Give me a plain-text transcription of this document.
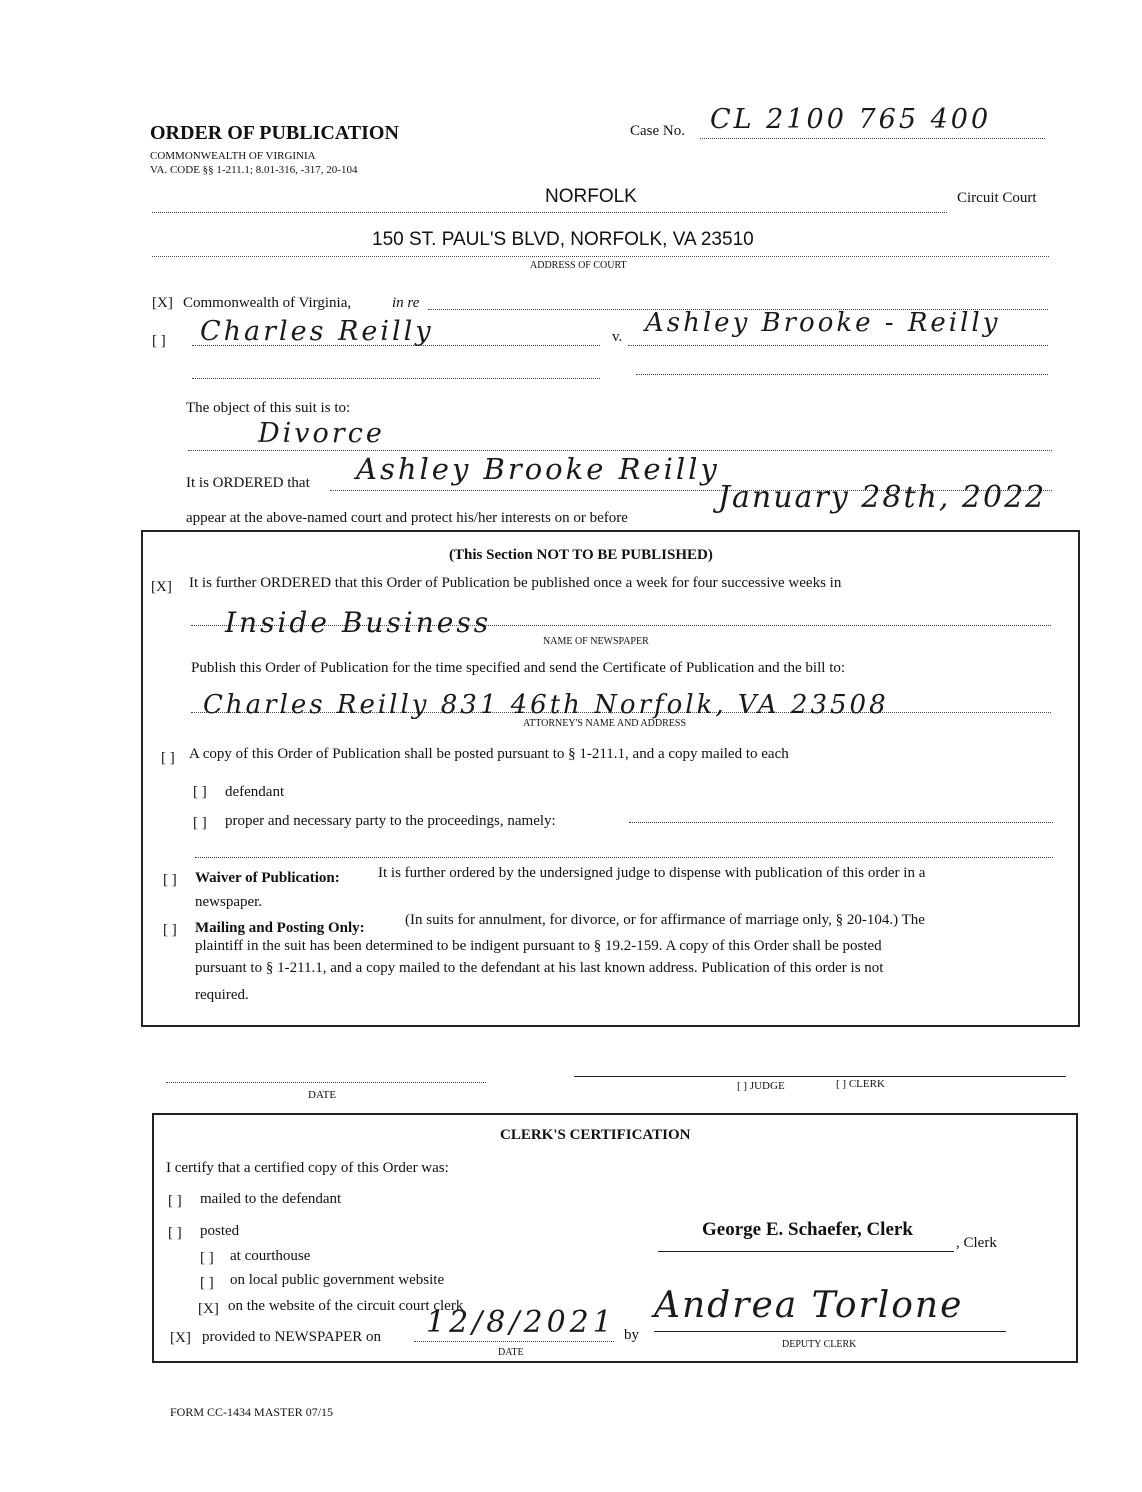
ORDER OF PUBLICATION
COMMONWEALTH OF VIRGINIA
VA. CODE §§ 1-211.1; 8.01-316, -317, 20-104
Case No. CL 2100 765 400
NORFOLK	Circuit Court
150 ST. PAUL'S BLVD, NORFOLK, VA 23510
ADDRESS OF COURT
[X] Commonwealth of Virginia,	in re
[ ] Charles Reilly	v. Ashley Brooke - Reilly
The object of this suit is to:
Divorce
It is ORDERED that Ashley Brooke Reilly
appear at the above-named court and protect his/her interests on or before
January 28th, 2022
(This Section NOT TO BE PUBLISHED)
[X] It is further ORDERED that this Order of Publication be published once a week for four successive weeks in
Inside Business
NAME OF NEWSPAPER
Publish this Order of Publication for the time specified and send the Certificate of Publication and the bill to:
Charles Reilly 831 46th Norfolk, VA 23508
ATTORNEY'S NAME AND ADDRESS
[ ] A copy of this Order of Publication shall be posted pursuant to § 1-211.1, and a copy mailed to each
[ ] defendant
[ ] proper and necessary party to the proceedings, namely:
[ ] Waiver of Publication:	It is further ordered by the undersigned judge to dispense with publication of this order in a
newspaper.
[ ] Mailing and Posting Only:	(In suits for annulment, for divorce, or for affirmance of marriage only, § 20-104.) The
plaintiff in the suit has been determined to be indigent pursuant to § 19.2-159. A copy of this Order shall be posted
pursuant to § 1-211.1, and a copy mailed to the defendant at his last known address. Publication of this order is not
required.
DATE
[ ] JUDGE	[ ] CLERK
CLERK'S CERTIFICATION
I certify that a certified copy of this Order was:
[ ] mailed to the defendant
[ ] posted
[ ] at courthouse
[ ] on local public government website
[X] on the website of the circuit court clerk
[X] provided to NEWSPAPER on 12/8/2021
DATE
by
George E. Schaefer, Clerk
, Clerk
Andrea Torlone
DEPUTY CLERK
FORM CC-1434 MASTER 07/15
